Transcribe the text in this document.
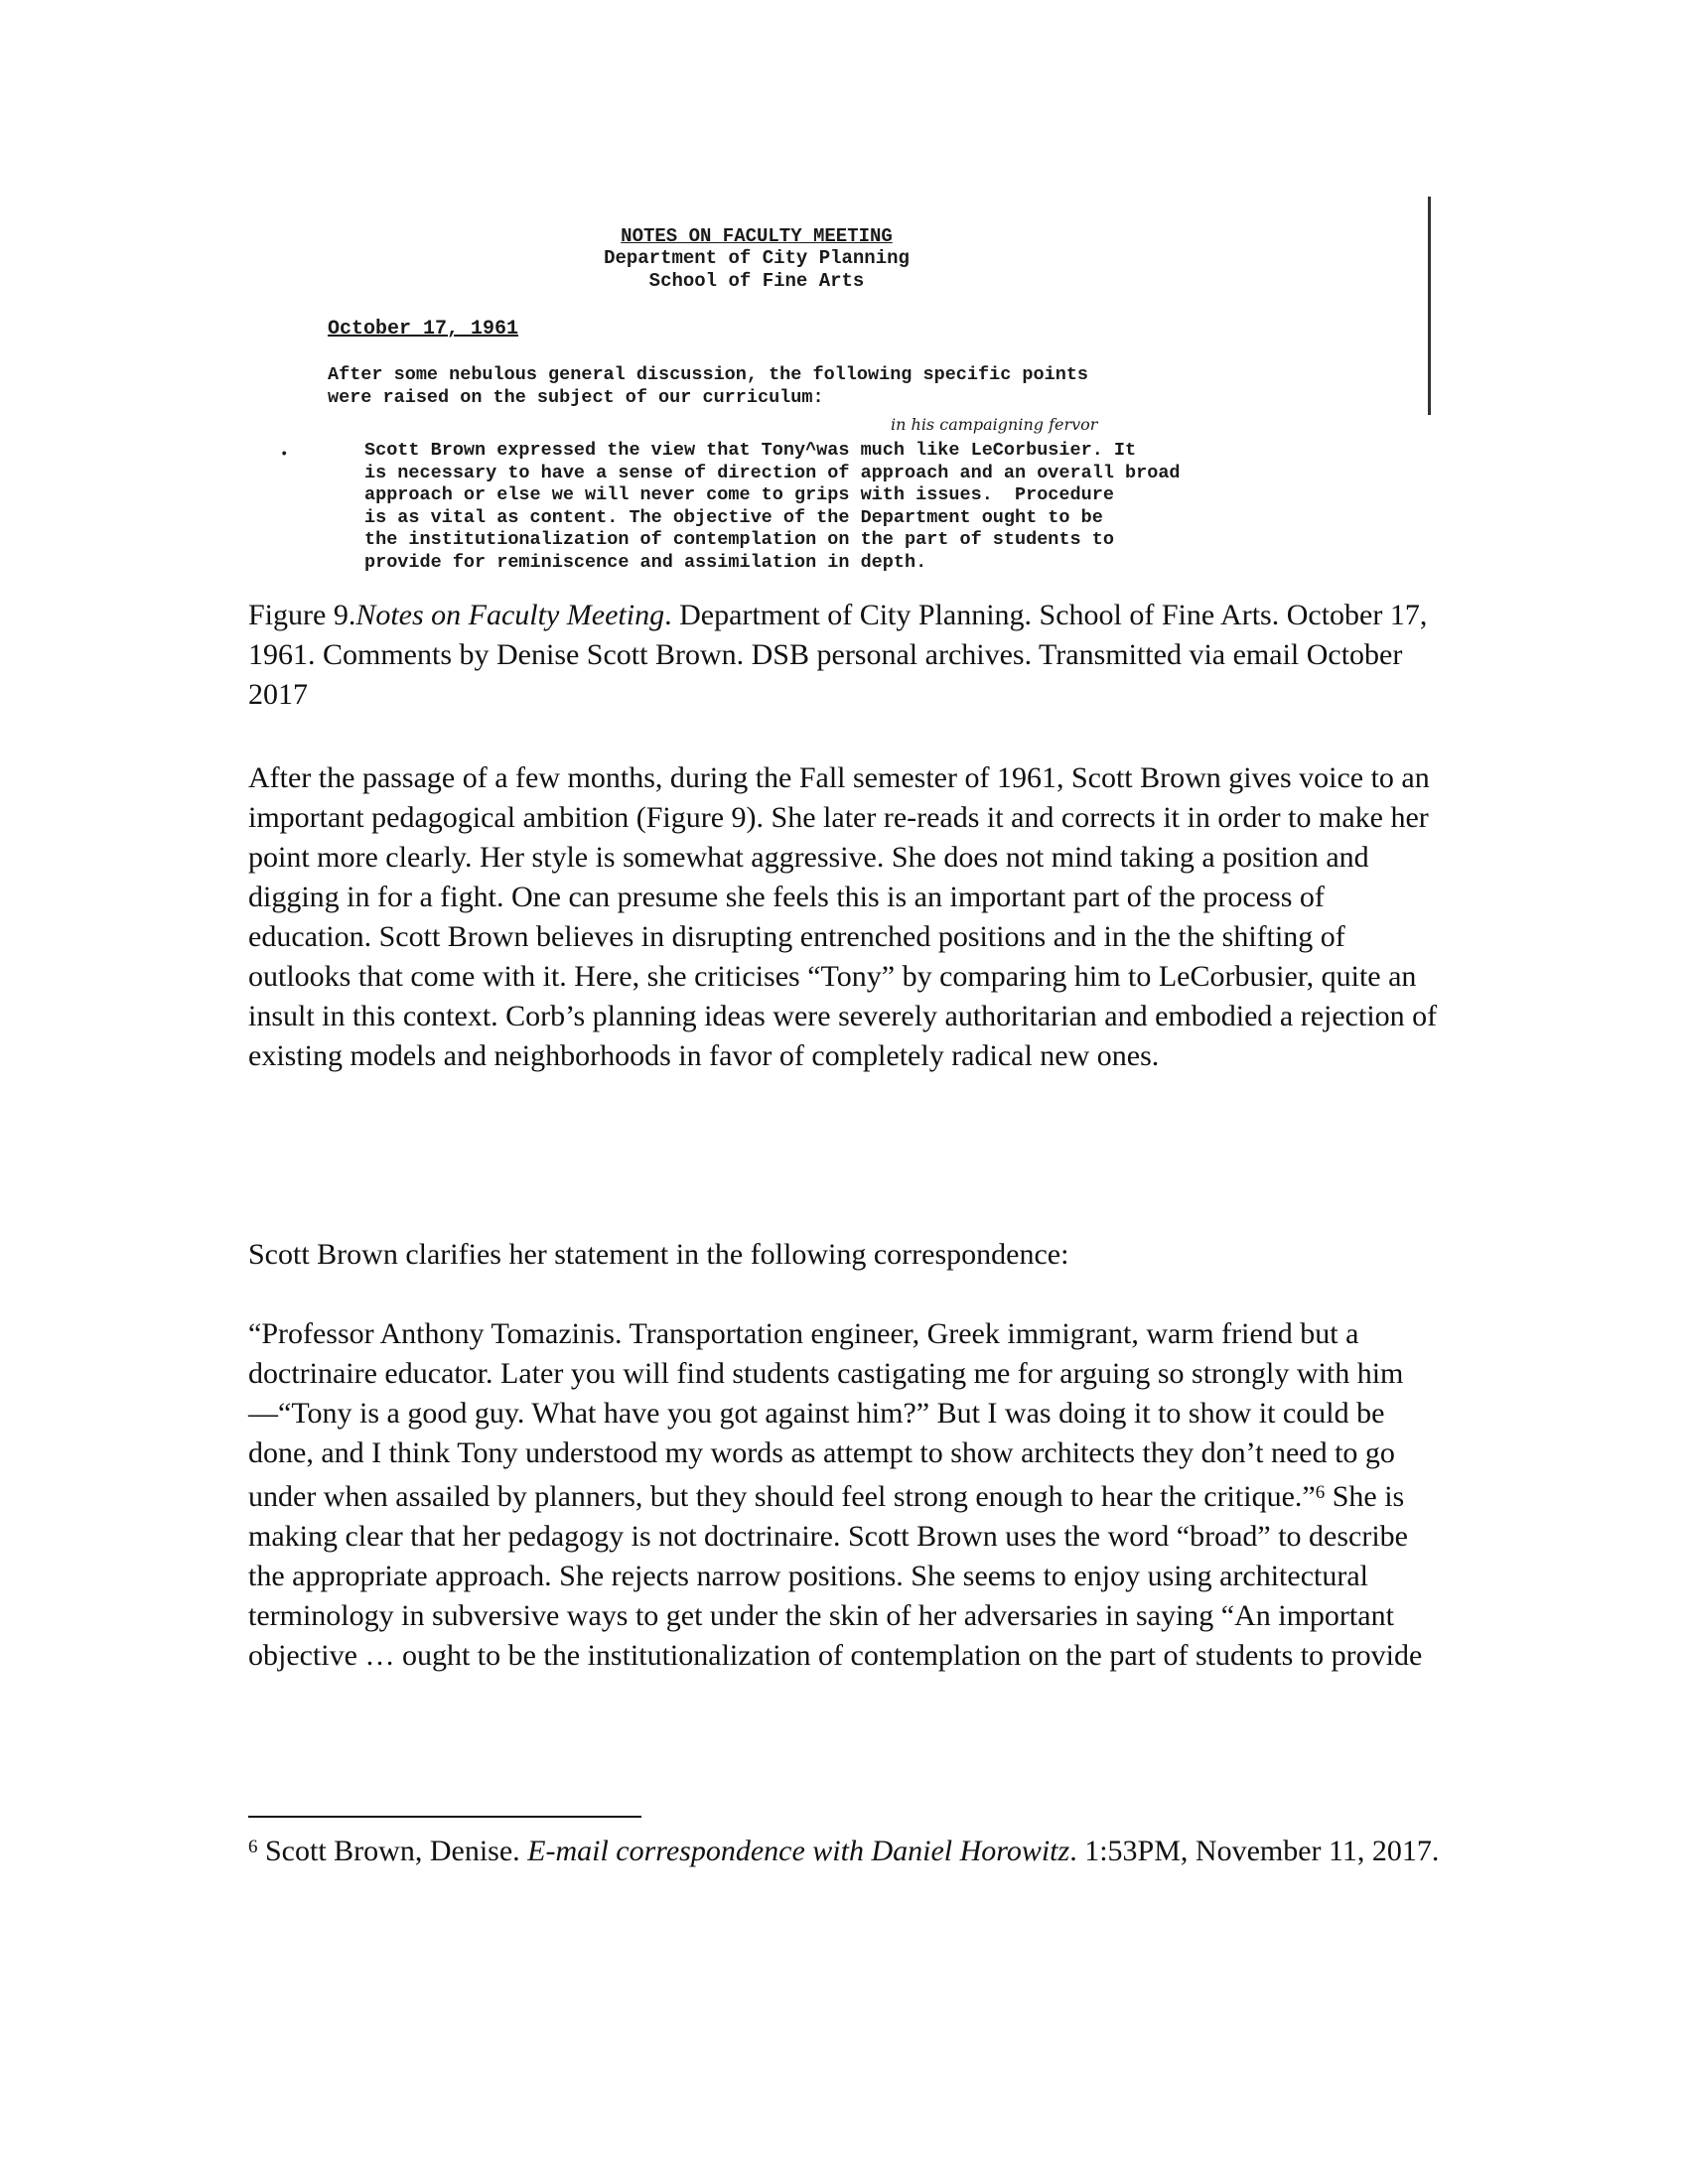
NOTES ON FACULTY MEETING
Department of City Planning
School of Fine Arts
October 17, 1961
After some nebulous general discussion, the following specific points
were raised on the subject of our curriculum:
in his campaigning fervor
•	Scott Brown expressed the view that Tony^was much like LeCorbusier. It
is necessary to have a sense of direction of approach and an overall broad
approach or else we will never come to grips with issues.  Procedure
is as vital as content. The objective of the Department ought to be
the institutionalization of contemplation on the part of students to
provide for reminiscence and assimilation in depth.

Figure 9.Notes on Faculty Meeting. Department of City Planning. School of Fine Arts. October 17, 1961. Comments by Denise Scott Brown. DSB personal archives. Transmitted via email October 2017

After the passage of a few months, during the Fall semester of 1961, Scott Brown gives voice to an important pedagogical ambition (Figure 9). She later re-reads it and corrects it in order to make her point more clearly. Her style is somewhat aggressive. She does not mind taking a position and digging in for a fight. One can presume she feels this is an important part of the process of education. Scott Brown believes in disrupting entrenched positions and in the the shifting of outlooks that come with it. Here, she criticises “Tony” by comparing him to LeCorbusier, quite an insult in this context. Corb’s planning ideas were severely authoritarian and embodied a rejection of existing models and neighborhoods in favor of completely radical new ones.

Scott Brown clarifies her statement in the following correspondence:

“Professor Anthony Tomazinis. Transportation engineer, Greek immigrant, warm friend but a doctrinaire educator. Later you will find students castigating me for arguing so strongly with him—“Tony is a good guy. What have you got against him?” But I was doing it to show it could be done, and I think Tony understood my words as attempt to show architects they don’t need to go under when assailed by planners, but they should feel strong enough to hear the critique.”$^6$ She is making clear that her pedagogy is not doctrinaire. Scott Brown uses the word “broad” to describe the appropriate approach. She rejects narrow positions. She seems to enjoy using architectural terminology in subversive ways to get under the skin of her adversaries in saying “An important objective … ought to be the institutionalization of contemplation on the part of students to provide

$^6$ Scott Brown, Denise. E-mail correspondence with Daniel Horowitz. 1:53PM, November 11, 2017.
